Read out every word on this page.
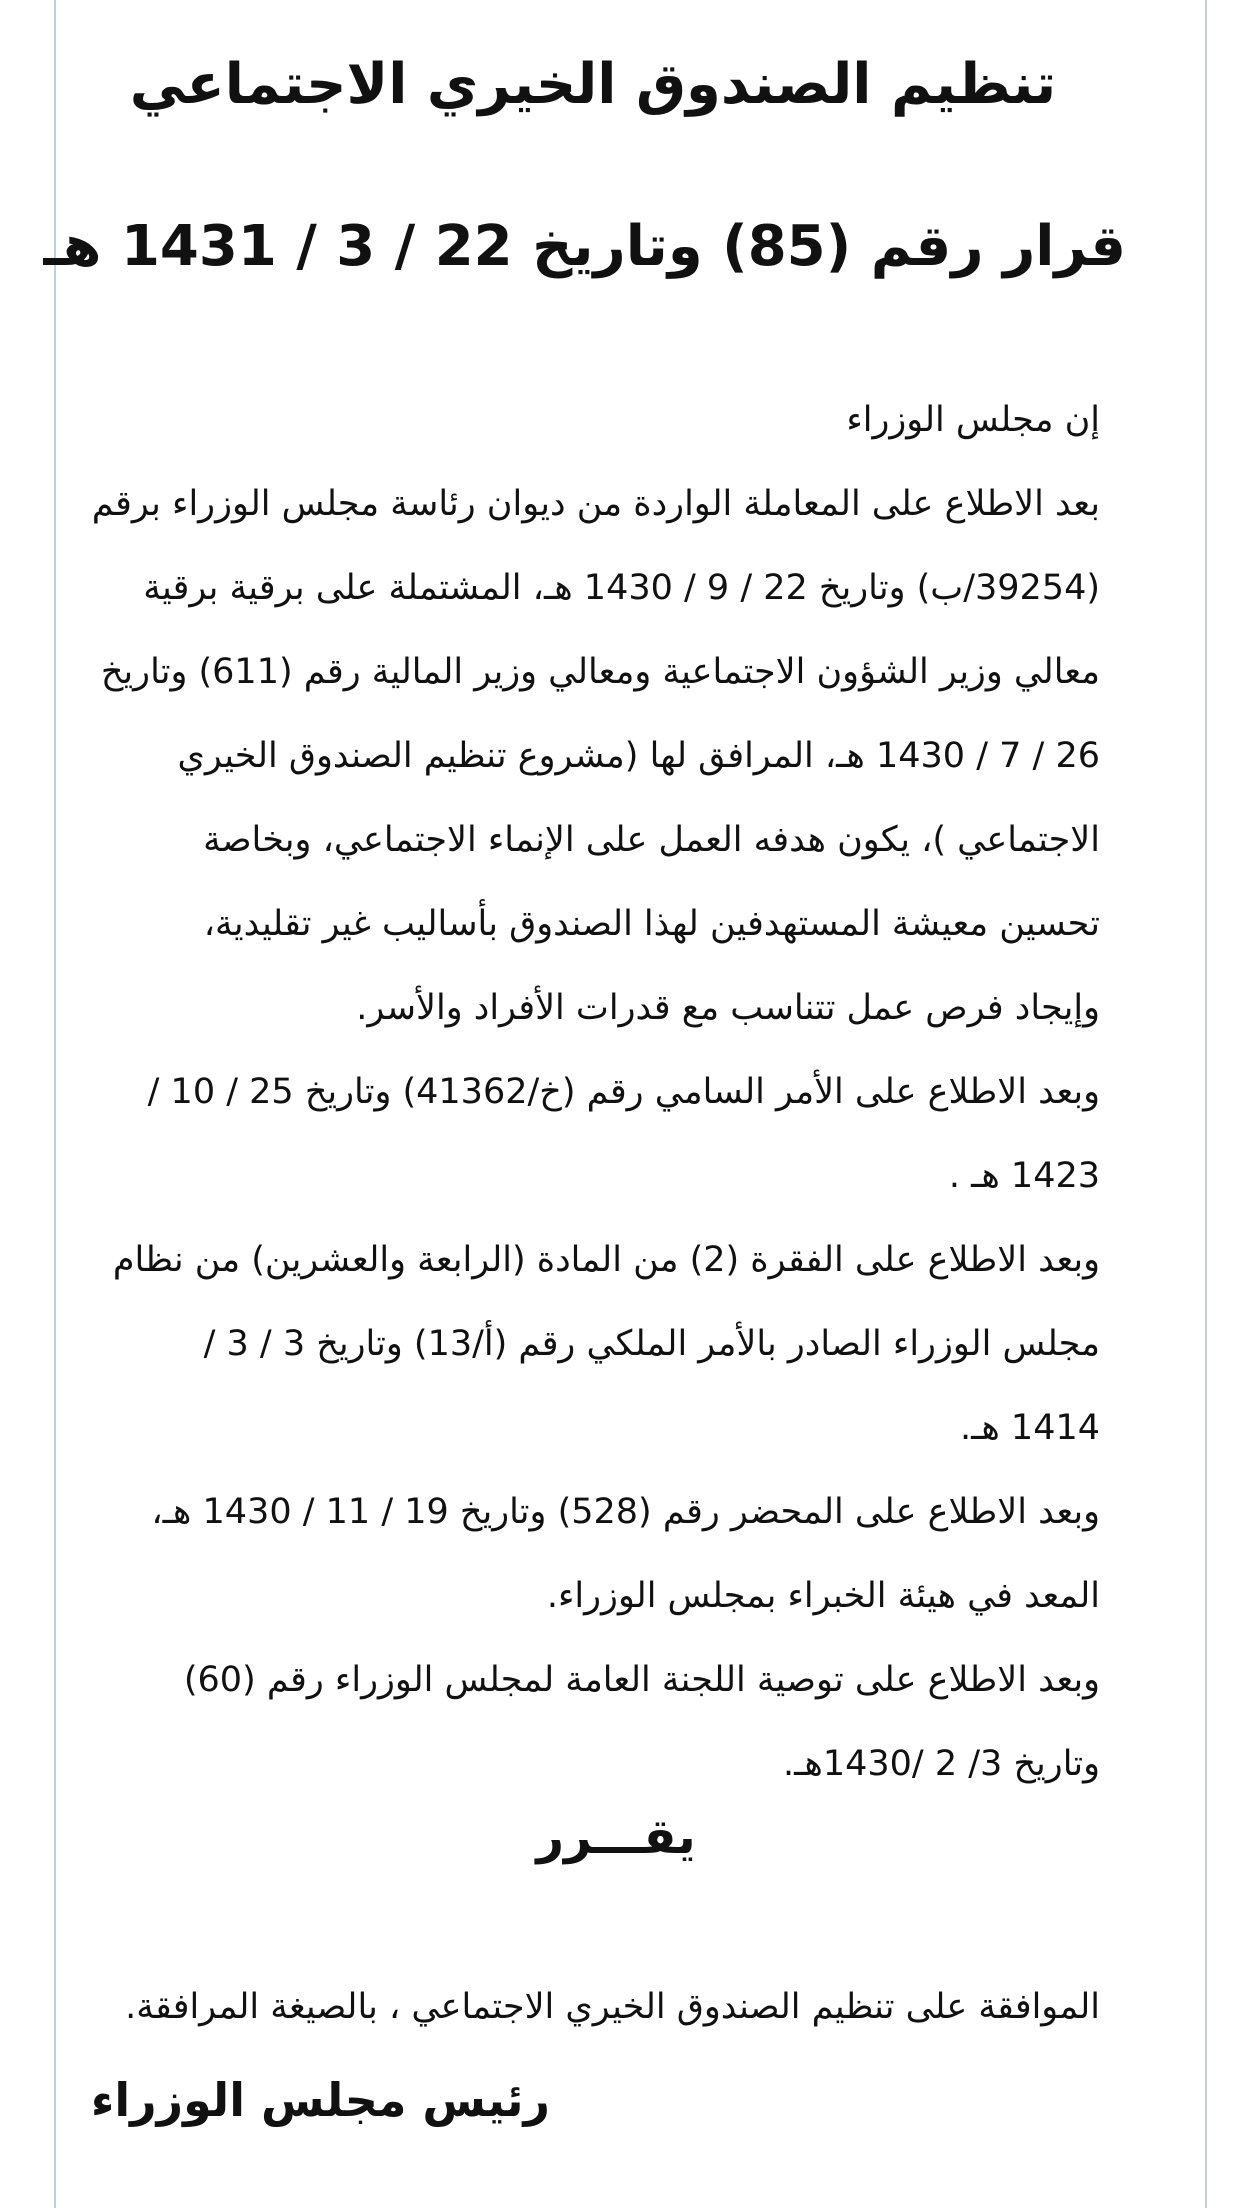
تنظيم الصندوق الخيري الاجتماعي
قرار رقم (85) وتاريخ 22 / 3 / 1431 هـ
إن مجلس الوزراء
بعد الاطلاع على المعاملة الواردة من ديوان رئاسة مجلس الوزراء برقم
(39254/ب) وتاريخ 22 / 9 / 1430 هـ، المشتملة على برقية برقية
معالي وزير الشؤون الاجتماعية ومعالي وزير المالية رقم (611) وتاريخ
26 / 7 / 1430 هـ، المرافق لها (مشروع تنظيم الصندوق الخيري
الاجتماعي )، يكون هدفه العمل على الإنماء الاجتماعي، وبخاصة
تحسين معيشة المستهدفين لهذا الصندوق بأساليب غير تقليدية،
وإيجاد فرص عمل تتناسب مع قدرات الأفراد والأسر.
وبعد الاطلاع على الأمر السامي رقم (خ/41362) وتاريخ 25 / 10 /
1423 هـ .
وبعد الاطلاع على الفقرة (2) من المادة (الرابعة والعشرين) من نظام
مجلس الوزراء الصادر بالأمر الملكي رقم (أ/13) وتاريخ 3 / 3 /
1414 هـ.
وبعد الاطلاع على المحضر رقم (528) وتاريخ 19 / 11 / 1430 هـ،
المعد في هيئة الخبراء بمجلس الوزراء.
وبعد الاطلاع على توصية اللجنة العامة لمجلس الوزراء رقم (60)
وتاريخ 3/ 2 /1430هـ.
يقـــرر

الموافقة على تنظيم الصندوق الخيري الاجتماعي ، بالصيغة المرافقة.

رئيس مجلس الوزراء
